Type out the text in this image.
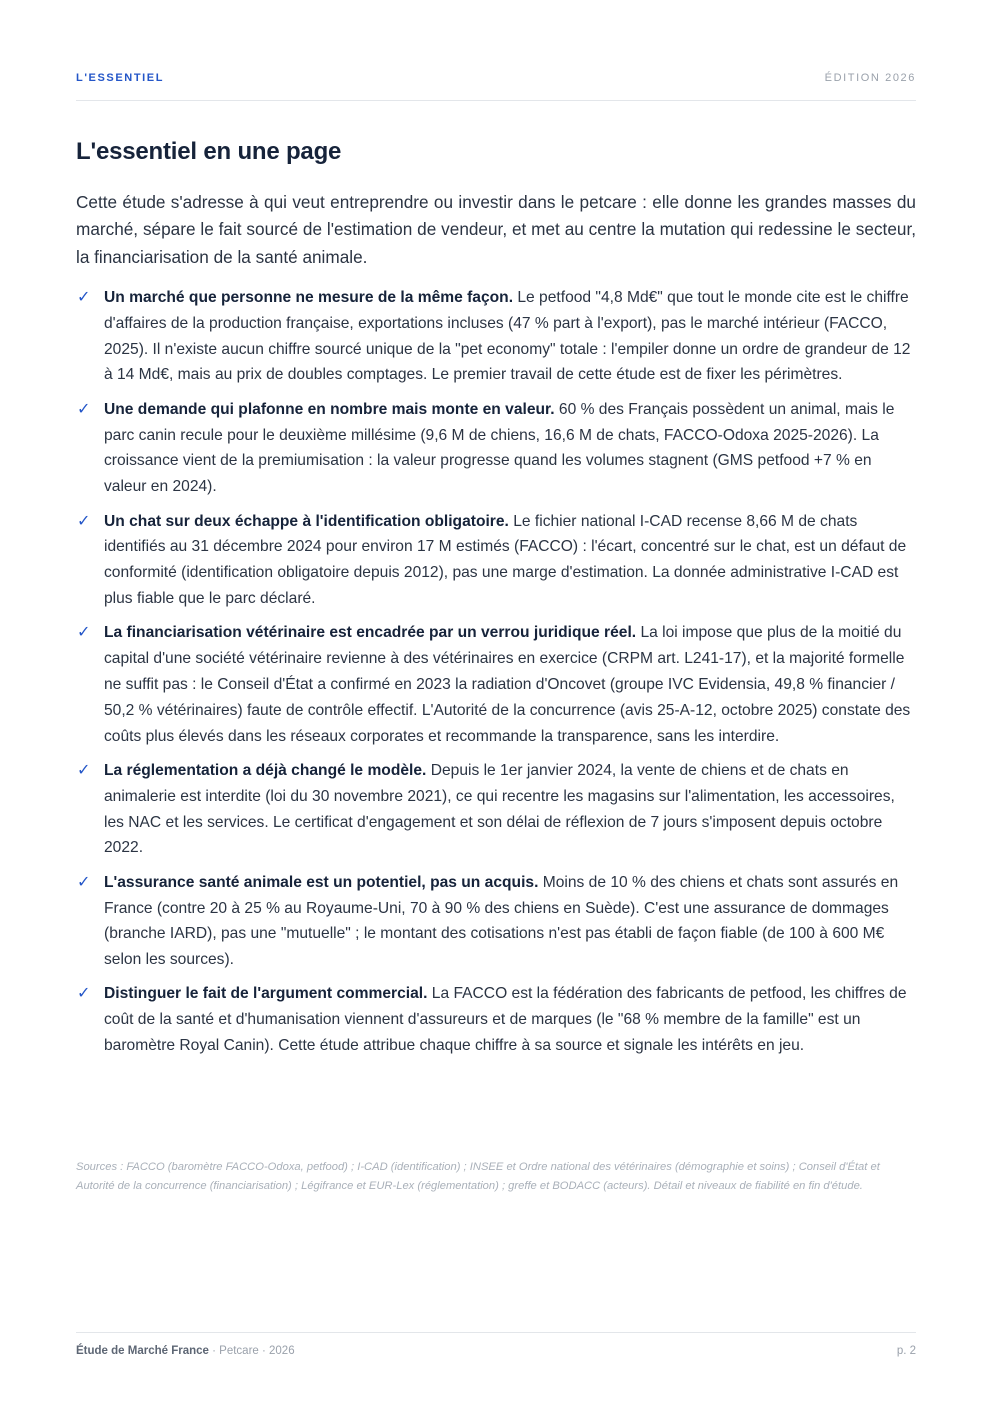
L'ESSENTIEL	ÉDITION 2026
L'essentiel en une page

Cette étude s'adresse à qui veut entreprendre ou investir dans le petcare : elle donne les grandes masses du marché, sépare le fait sourcé de l'estimation de vendeur, et met au centre la mutation qui redessine le secteur, la financiarisation de la santé animale.

✓ Un marché que personne ne mesure de la même façon. Le petfood "4,8 Md€" que tout le monde cite est le chiffre d'affaires de la production française, exportations incluses (47 % part à l'export), pas le marché intérieur (FACCO, 2025). Il n'existe aucun chiffre sourcé unique de la "pet economy" totale : l'empiler donne un ordre de grandeur de 12 à 14 Md€, mais au prix de doubles comptages. Le premier travail de cette étude est de fixer les périmètres.
✓ Une demande qui plafonne en nombre mais monte en valeur. 60 % des Français possèdent un animal, mais le parc canin recule pour le deuxième millésime (9,6 M de chiens, 16,6 M de chats, FACCO-Odoxa 2025-2026). La croissance vient de la premiumisation : la valeur progresse quand les volumes stagnent (GMS petfood +7 % en valeur en 2024).
✓ Un chat sur deux échappe à l'identification obligatoire. Le fichier national I-CAD recense 8,66 M de chats identifiés au 31 décembre 2024 pour environ 17 M estimés (FACCO) : l'écart, concentré sur le chat, est un défaut de conformité (identification obligatoire depuis 2012), pas une marge d'estimation. La donnée administrative I-CAD est plus fiable que le parc déclaré.
✓ La financiarisation vétérinaire est encadrée par un verrou juridique réel. La loi impose que plus de la moitié du capital d'une société vétérinaire revienne à des vétérinaires en exercice (CRPM art. L241-17), et la majorité formelle ne suffit pas : le Conseil d'État a confirmé en 2023 la radiation d'Oncovet (groupe IVC Evidensia, 49,8 % financier / 50,2 % vétérinaires) faute de contrôle effectif. L'Autorité de la concurrence (avis 25-A-12, octobre 2025) constate des coûts plus élevés dans les réseaux corporates et recommande la transparence, sans les interdire.
✓ La réglementation a déjà changé le modèle. Depuis le 1er janvier 2024, la vente de chiens et de chats en animalerie est interdite (loi du 30 novembre 2021), ce qui recentre les magasins sur l'alimentation, les accessoires, les NAC et les services. Le certificat d'engagement et son délai de réflexion de 7 jours s'imposent depuis octobre 2022.
✓ L'assurance santé animale est un potentiel, pas un acquis. Moins de 10 % des chiens et chats sont assurés en France (contre 20 à 25 % au Royaume-Uni, 70 à 90 % des chiens en Suède). C'est une assurance de dommages (branche IARD), pas une "mutuelle" ; le montant des cotisations n'est pas établi de façon fiable (de 100 à 600 M€ selon les sources).
✓ Distinguer le fait de l'argument commercial. La FACCO est la fédération des fabricants de petfood, les chiffres de coût de la santé et d'humanisation viennent d'assureurs et de marques (le "68 % membre de la famille" est un baromètre Royal Canin). Cette étude attribue chaque chiffre à sa source et signale les intérêts en jeu.

Sources : FACCO (baromètre FACCO-Odoxa, petfood) ; I-CAD (identification) ; INSEE et Ordre national des vétérinaires (démographie et soins) ; Conseil d'État et Autorité de la concurrence (financiarisation) ; Légifrance et EUR-Lex (réglementation) ; greffe et BODACC (acteurs). Détail et niveaux de fiabilité en fin d'étude.

Étude de Marché France · Petcare · 2026	p. 2
